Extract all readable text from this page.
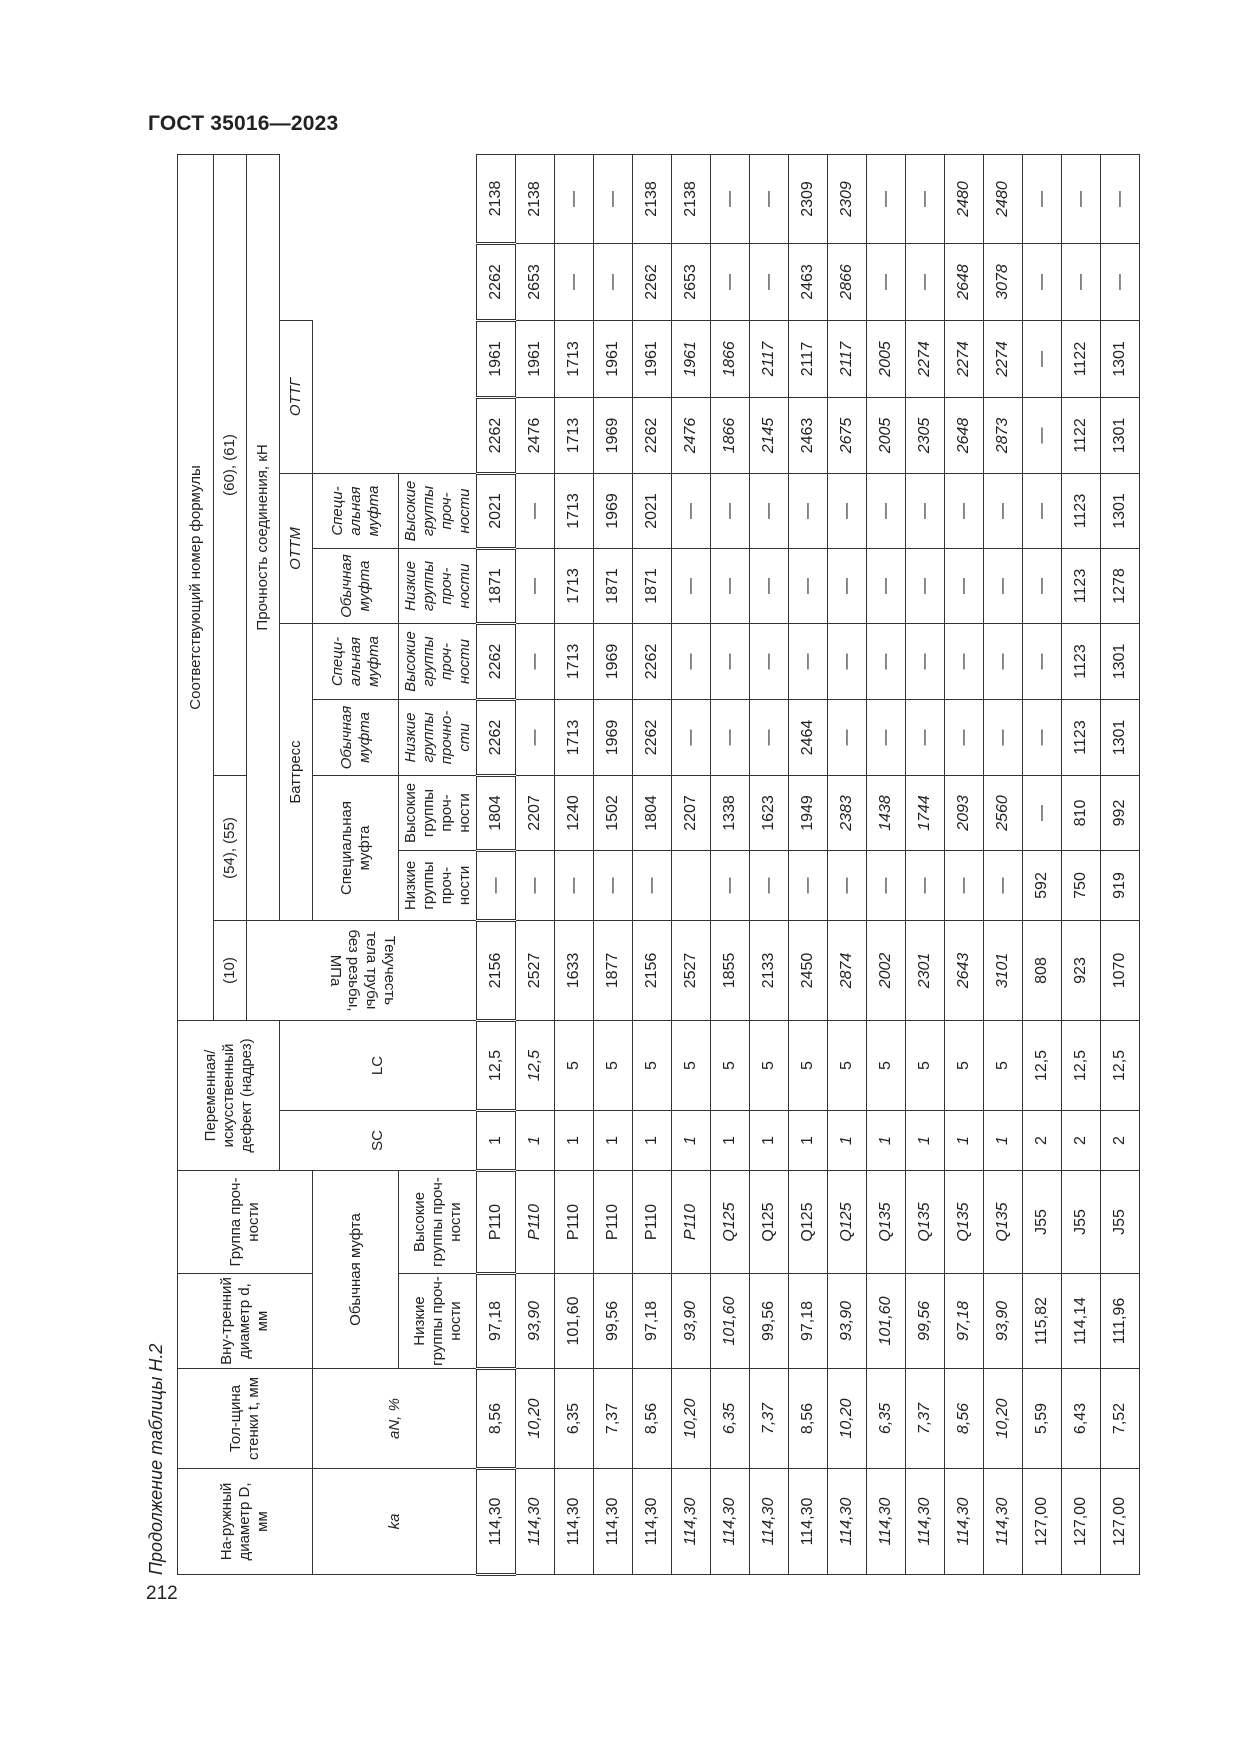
ГОСТ 35016—2023
Продолжение таблицы Н.2
212
На-ружный диаметр D, мм	Тол-щина стенки t, мм	Вну-тренний диаметр d, мм	Группа проч-ности	Переменная/ искусственный дефект (надрез)		Соответствующий номер формулы										
						(10)	(54), (55)		(60), (61)							

						Текучесть тела трубы без резьбы, МПа	Прочность соединения, кН									
				SC	LC		Баттресс				ОТТМ		ОТТГ			
ka	aN, %	Обычная муфта					Специальная муфта		Обычная муфта	Специ-альная муфта	Обычная муфта	Специ-альная муфта				
		Низкие группы проч-ности	Высокие группы проч-ности				Низкие группы проч-ности	Высокие группы проч-ности	Низкие группы прочно-сти	Высокие группы проч-ности	Низкие группы проч-ности	Высокие группы проч-ности				
114,30	8,56	97,18	P110	1	12,5	2156	—	1804	2262	2262	1871	2021	2262	1961	2262	2138
114,30	10,20	93,90	P110	1	12,5	2527	—	2207	—	—	—	—	2476	1961	2653	2138
114,30	6,35	101,60	P110	1	5	1633	—	1240	1713	1713	1713	1713	1713	1713	—	—
114,30	7,37	99,56	P110	1	5	1877	—	1502	1969	1969	1871	1969	1969	1961	—	—
114,30	8,56	97,18	P110	1	5	2156	—	1804	2262	2262	1871	2021	2262	1961	2262	2138
114,30	10,20	93,90	P110	1	5	2527		2207	—	—	—	—	2476	1961	2653	2138
114,30	6,35	101,60	Q125	1	5	1855	—	1338	—	—	—	—	1866	1866	—	—
114,30	7,37	99,56	Q125	1	5	2133	—	1623	—	—	—	—	2145	2117	—	—
114,30	8,56	97,18	Q125	1	5	2450	—	1949	2464	—	—	—	2463	2117	2463	2309
114,30	10,20	93,90	Q125	1	5	2874	—	2383	—	—	—	—	2675	2117	2866	2309
114,30	6,35	101,60	Q135	1	5	2002	—	1438	—	—	—	—	2005	2005	—	—
114,30	7,37	99,56	Q135	1	5	2301	—	1744	—	—	—	—	2305	2274	—	—
114,30	8,56	97,18	Q135	1	5	2643	—	2093	—	—	—	—	2648	2274	2648	2480
114,30	10,20	93,90	Q135	1	5	3101	—	2560	—	—	—	—	2873	2274	3078	2480
127,00	5,59	115,82	J55	2	12,5	808	592	—	—	—	—	—	—	—	—	—
127,00	6,43	114,14	J55	2	12,5	923	750	810	1123	1123	1123	1123	1122	1122	—	—
127,00	7,52	111,96	J55	2	12,5	1070	919	992	1301	1301	1278	1301	1301	1301	—	—
